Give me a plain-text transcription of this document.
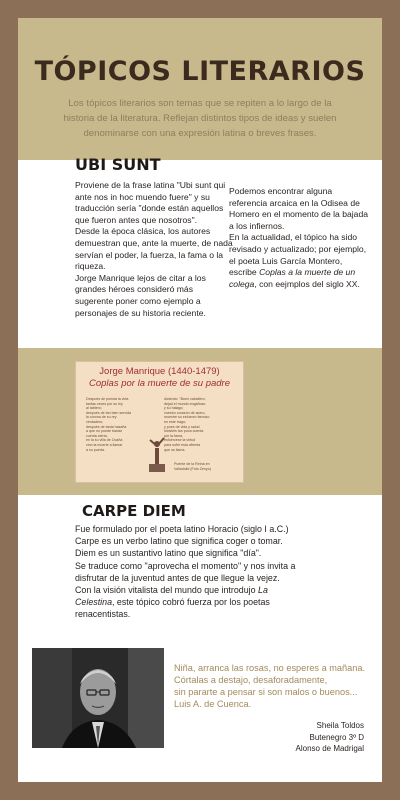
TÓPICOS LITERARIOS
Los tópicos literarios son temas que se repiten a lo largo de la historia de la literatura. Reflejan distintos tipos de ideas y suelen denominarse con una expresión latina o breves frases.
UBI SUNT
Proviene de la frase latina "Ubi sunt qui ante nos in hoc muendo fuere" y su traducción sería "donde están aquellos que fueron antes que nosotros".
Desde la época clásica, los autores demuestran que, ante la muerte, de nada servían el poder, la fuerza, la fama o la riqueza.
Jorge Manrique lejos de citar a los grandes héroes consideró más sugerente poner como ejemplo a personajes de su historia reciente.
Podemos encontrar alguna referencia arcaica en la Odisea de Homero en el momento de la bajada a los infiernos.
En la actualidad, el tópico ha sido revisado y actualizado; por ejemplo, el poeta Luis García Montero, escribe Coplas a la muerte de un colega, con eejmplos del siglo XX.
Jorge Manrique (1440-1479)
Coplas por la muerte de su padre
Después de puesta la vida
tantas veces por su ley
al tablero;
después de tan bien servida
la corona de su rey
verdadero;
después de tanta hazaña
a que no puede bastar
cuenta cierta,
en la su villa de Ocaña
vino la muerte a llamar
a su puerta.
diciendo: "Buen caballero,
dejad el mundo engañoso
y su halago;
vuestro corazón de acero,
muestre su esfuerzo famoso
en este trago;
y pues de vida y salud
hicisteis tan poca cuenta
por la fama,
esfuércese la virtud
para sufrir esta afrenta
que os llama.
Puente de la Reina en
Valladolid (Foto Zenyo)
CARPE DIEM
Fue formulado por el poeta latino Horacio (siglo I a.C.)
Carpe es un verbo latino que significa coger o tomar.
Diem es un sustantivo latino que significa "día".
Se traduce como "aprovecha el momento" y nos invita a
disfrutar de la juventud antes de que llegue la vejez.
Con la visión vitalista del mundo que introdujo La
Celestina, este tópico cobró fuerza por los poetas
renacentistas.
Niña, arranca las rosas, no esperes a mañana.
Córtalas a destajo, desaforadamente,
sin pararte a pensar si son malos o buenos...
Luis A. de Cuenca.
Sheila Toldos
Butenegro 3º D
Alonso de Madrigal
